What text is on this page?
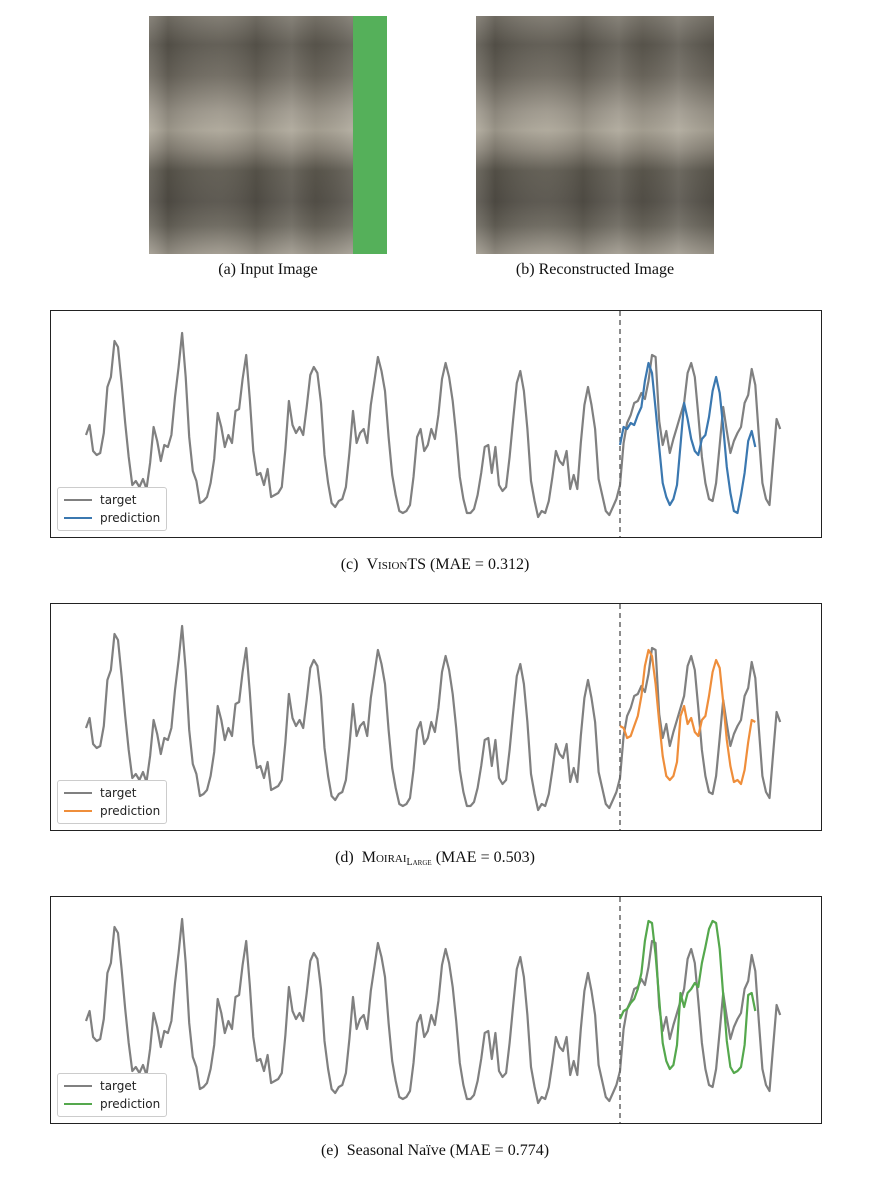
(a) Input Image	(b) Reconstructed Image
target
prediction
(c)  VisionTS (MAE = 0.312)
target
prediction
(d)  Moirai$_{Large}$ (MAE = 0.503)
target
prediction
(e)  Seasonal Naïve (MAE = 0.774)
